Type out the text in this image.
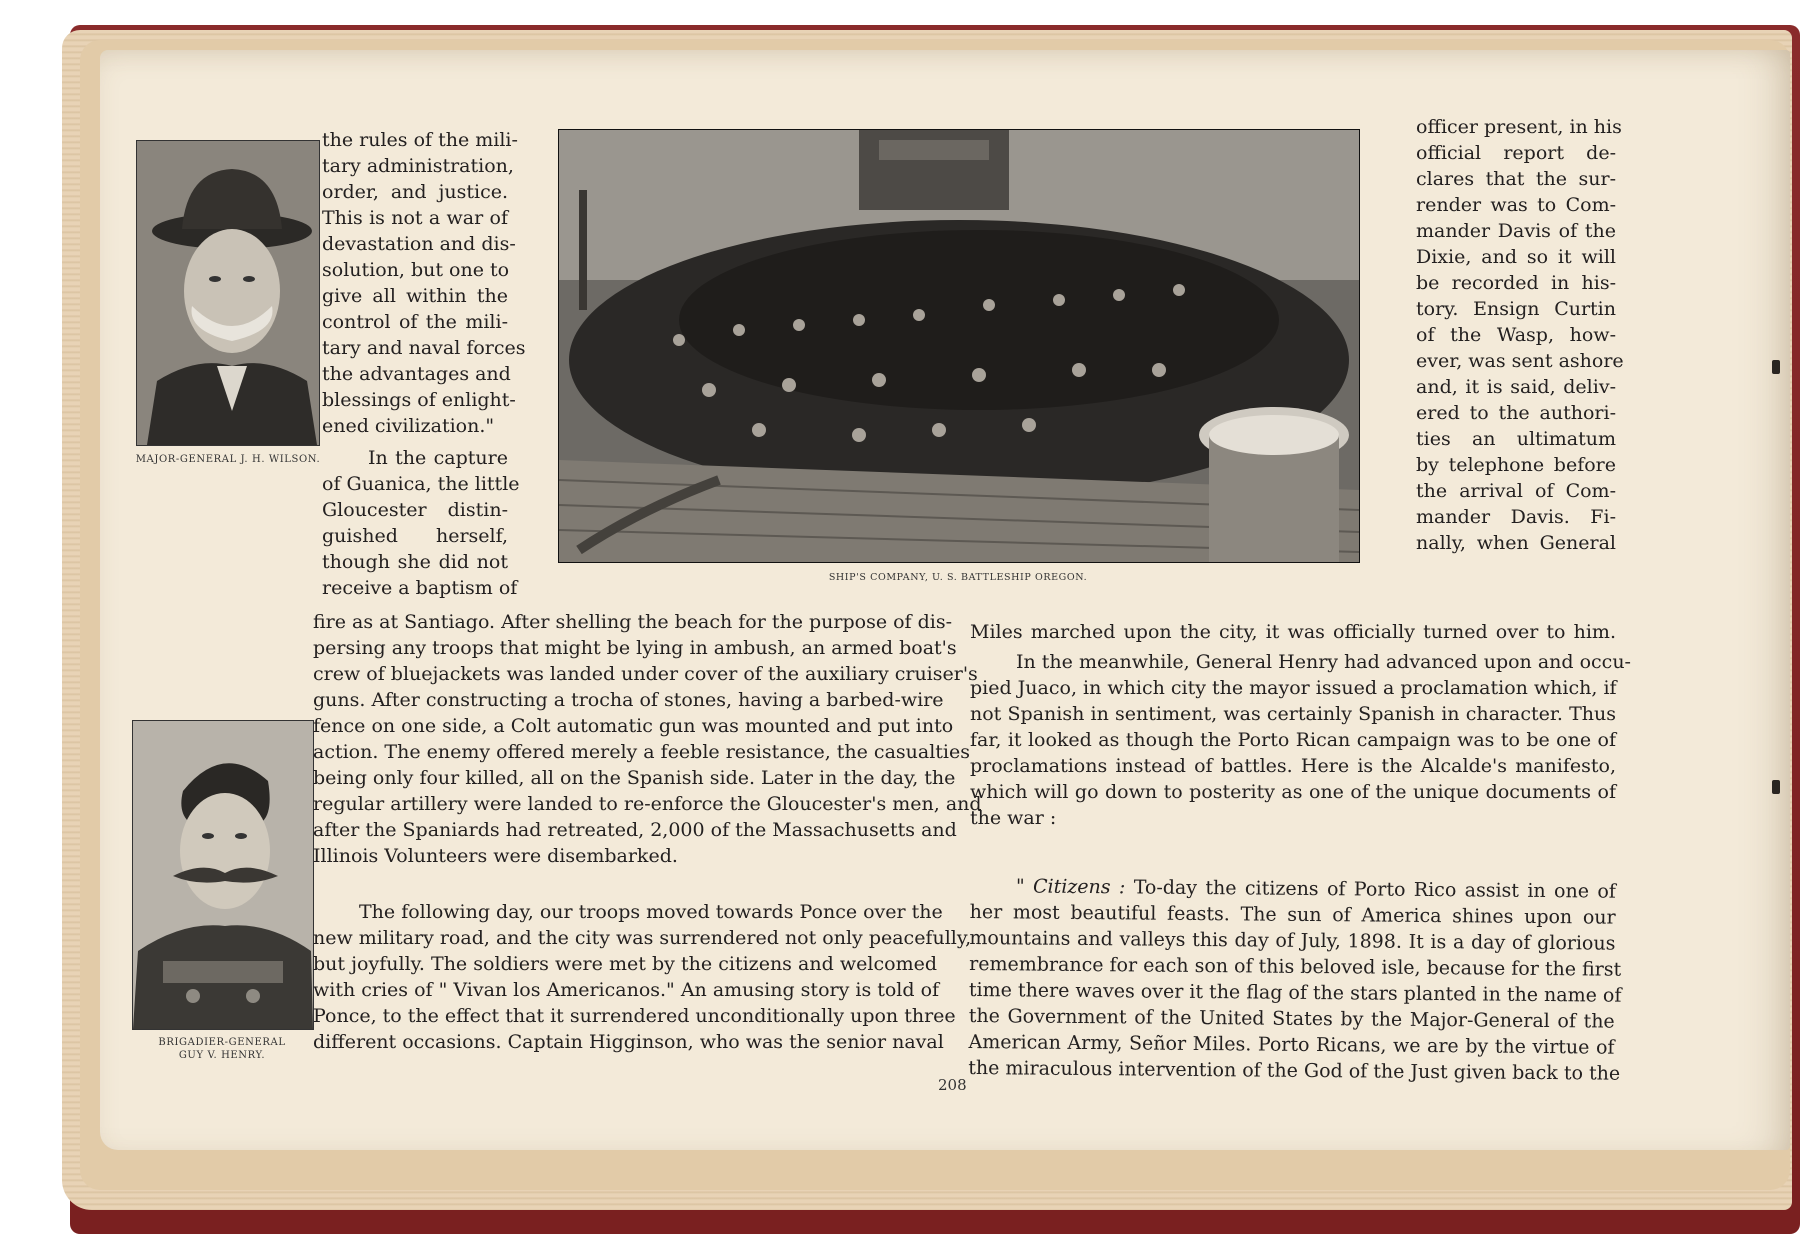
MAJOR-GENERAL J. H. WILSON.
BRIGADIER-GENERAL
GUY V. HENRY.
SHIP'S COMPANY, U. S. BATTLESHIP OREGON.
the rules of the mili-
tary administration,
order, and justice.
This is not a war of
devastation and dis-
solution, but one to
give all within the
control of the mili-
tary and naval forces
the advantages and
blessings of enlight-
ened civilization."
In the capture
of Guanica, the little
Gloucester distin-
guished herself,
though she did not
receive a baptism of
fire as at Santiago. After shelling the beach for the purpose of dis-
persing any troops that might be lying in ambush, an armed boat's
crew of bluejackets was landed under cover of the auxiliary cruiser's
guns. After constructing a trocha of stones, having a barbed-wire
fence on one side, a Colt automatic gun was mounted and put into
action. The enemy offered merely a feeble resistance, the casualties
being only four killed, all on the Spanish side. Later in the day, the
regular artillery were landed to re-enforce the Gloucester's men, and
after the Spaniards had retreated, 2,000 of the Massachusetts and
Illinois Volunteers were disembarked.
The following day, our troops moved towards Ponce over the
new military road, and the city was surrendered not only peacefully,
but joyfully. The soldiers were met by the citizens and welcomed
with cries of " Vivan los Americanos." An amusing story is told of
Ponce, to the effect that it surrendered unconditionally upon three
different occasions. Captain Higginson, who was the senior naval
officer present, in his
official report de-
clares that the sur-
render was to Com-
mander Davis of the
Dixie, and so it will
be recorded in his-
tory. Ensign Curtin
of the Wasp, how-
ever, was sent ashore
and, it is said, deliv-
ered to the authori-
ties an ultimatum
by telephone before
the arrival of Com-
mander Davis. Fi-
nally, when General
Miles marched upon the city, it was officially turned over to him.
In the meanwhile, General Henry had advanced upon and occu-
pied Juaco, in which city the mayor issued a proclamation which, if
not Spanish in sentiment, was certainly Spanish in character. Thus
far, it looked as though the Porto Rican campaign was to be one of
proclamations instead of battles. Here is the Alcalde's manifesto,
which will go down to posterity as one of the unique documents of
the war :
" Citizens : To-day the citizens of Porto Rico assist in one of
her most beautiful feasts. The sun of America shines upon our
mountains and valleys this day of July, 1898. It is a day of glorious
remembrance for each son of this beloved isle, because for the first
time there waves over it the flag of the stars planted in the name of
the Government of the United States by the Major-General of the
American Army, Señor Miles. Porto Ricans, we are by the virtue of
the miraculous intervention of the God of the Just given back to the
208
